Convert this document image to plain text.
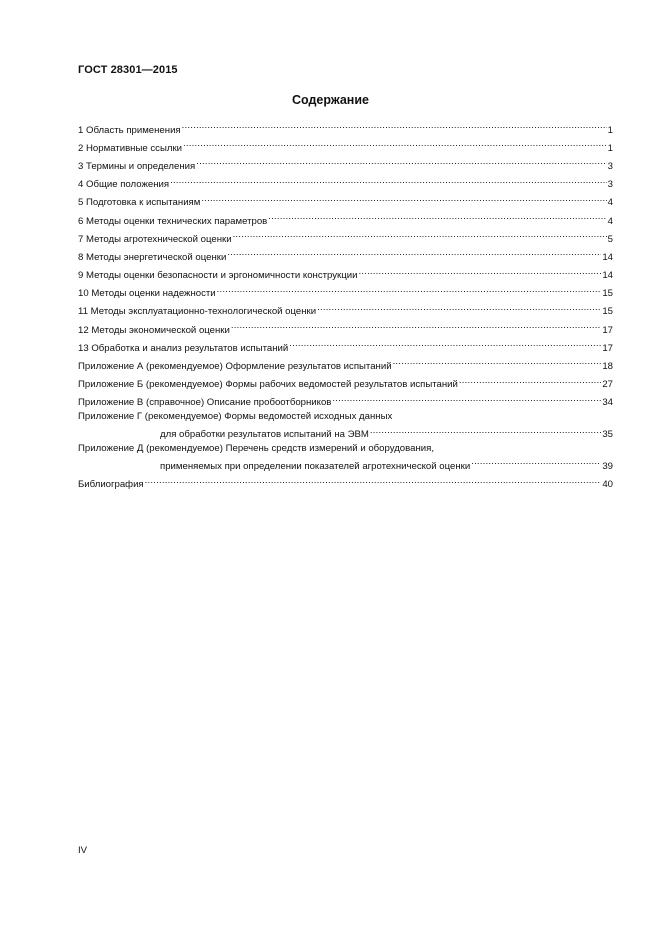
ГОСТ 28301—2015
Содержание
1 Область применения .....	1
2 Нормативные ссылки .....	1
3 Термины и определения .....	3
4 Общие положения .....	3
5 Подготовка к испытаниям .....	4
6 Методы оценки технических параметров .....	4
7 Методы агротехнической оценки .....	5
8 Методы энергетической оценки .....	14
9 Методы оценки безопасности и эргономичности конструкции .....	14
10 Методы оценки надежности .....	15
11 Методы эксплуатационно-технологической оценки .....	15
12 Методы экономической оценки .....	17
13 Обработка и анализ результатов испытаний .....	17
Приложение А (рекомендуемое) Оформление результатов испытаний .....	18
Приложение Б (рекомендуемое) Формы рабочих ведомостей результатов испытаний .....	27
Приложение В (справочное) Описание пробоотборников .....	34
Приложение Г (рекомендуемое) Формы ведомостей исходных данных
для обработки результатов испытаний на ЭВМ .....	35
Приложение Д (рекомендуемое) Перечень средств измерений и оборудования,
применяемых при определении показателей агротехнической оценки .....	39
Библиография .....	40
IV
